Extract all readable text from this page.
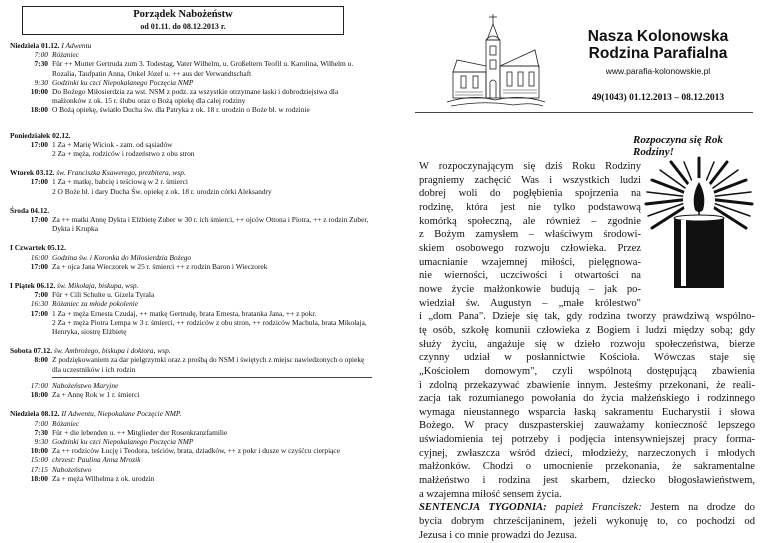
Porządek Nabożeństw
od 01.11. do 08.12.2013 r.
Niedziela 01.12. I Adwentu
7:00 Różaniec
7:30 Für ++ Mutter Gertruda zum 3. Todestag, Vater Wilhelm, u. Großeltern Teofil u. Karolina, Wilhelm u. Rozalia, Taufpatin Anna, Onkel Józef u. ++ aus der Verwandtschaft
9:30 Godzinki ku czci Niepokalanego Poczęcia NMP
10:00 Do Bożego Miłosierdzia za wst. NSM z podz. za wszystkie otrzymane łaski i dobrodziejstwa dla małżonków z ok. 15 r. ślubu oraz o Bożą opiekę dla całej rodziny
18:00 O Bożą opiekę, światło Ducha św. dla Patryka z ok. 18 r. urodzin o Boże bł. w rodzinie
Poniedziałek 02.12.
17:00 1 Za + Marię Wiciok - zam. od sąsiadów
2 Za + męża, rodziców i rodzeństwo z obu stron
Wtorek 03.12. św. Franciszka Ksawerego, prezbitera, wsp.
17:00 1 Za + matkę, babcię i teściową w 2 r. śmierci
2 O Boże bł. i dary Ducha Św. opiekę z ok. 18 r. urodzin córki Aleksandry
Środa 04.12.
17:00 Za ++ matki Annę Dykta i Elżbietę Zuber w 30 r. ich śmierci, ++ ojców Ottona i Piotra, ++ z rodzin Zuber, Dykta i Krupka
I Czwartek 05.12.
16:00 Godzina św. i Koronka do Miłosierdzia Bożego
17:00 Za + ojca Jana Wieczorek w 25 r. śmierci ++ z rodzin Baron i Wieczorek
I Piątek 06.12. św. Mikołaja, biskupa, wsp.
7:00 Für + Cili Schulte u. Gizela Tyrala
16:30 Różaniec za młode pokolenie
17:00 1 Za + męża Ernesta Czudaj, ++ matkę Gertrudę, brata Ernesta, bratanka Jana, ++ z pokr.
2 Za + męża Piotra Lempa w 3 r. śmierci, ++ rodziców z obu stron, ++ rodziców Machula, brata Mikołaja, Henryka, siostrę Elżbietę
Sobota 07.12. św. Ambrożego, biskupa i doktora, wsp.
8:00 Z podziękowaniem za dar pielgrzymki oraz z prośbą do NSM i świętych z miejsc nawiedzonych o opiekę dla uczestników i ich rodzin
17:00 Nabożeństwo Maryjne
18:00 Za + Annę Rok w 1 r. śmierci
Niedziela 08.12. II Adwentu, Niepokalane Poczęcie NMP.
7:00 Różaniec
7:30 Für + die lebenden u. ++ Mitglieder der Rosenkranzfamilie
9:30 Godzinki ku czci Niepokalanego Poczęcia NMP
10:00 Za ++ rodziców Łucję i Teodora, teściów, brata, dziadków, ++ z pokr i dusze w czyśćcu cierpiące
15:00 chrzest: Paulina Anna Mrozik
17:15 Nabożeństwo
18:00 Za + męża Wilhelma z ok. urodzin
Nasza Kolonowska
Rodzina Parafialna
www.parafia-kolonowskie.pl
49(1043) 01.12.2013 – 08.12.2013
Rozpoczyna się Rok Rodziny!
W rozpoczynającym się dziś Roku Rodziny
pragniemy zachęcić Was i wszystkich ludzi
dobrej woli do pogłębienia spojrzenia na
rodzinę, która jest nie tylko podstawową
komórką społeczną, ale również – zgodnie
z Bożym zamysłem – właściwym środowi-
skiem osobowego rozwoju człowieka. Przez
umacnianie wzajemnej miłości, pielęgnowa-
nie wierności, uczciwości i otwartości na
nowe życie małżonkowie budują – jak po-
wiedział św. Augustyn – „małe królestwo"
i „dom Pana". Dzieje się tak, gdy rodzina tworzy prawdziwą wspólno-
tę osób, szkołę komunii człowieka z Bogiem i ludzi między sobą; gdy
służy życiu, angażuje się w dzieło rozwoju społeczeństwa, bierze
czynny udział w posłannictwie Kościoła. Wówczas staje się
„Kościołem domowym", czyli wspólnotą dostępującą zbawienia
i zdolną przekazywać zbawienie innym. Jesteśmy przekonani, że reali-
zacja tak rozumianego powołania do życia małżeńskiego i rodzinnego
wymaga nieustannego wsparcia łaską sakramentu Eucharystii i słowa
Bożego. W pracy duszpasterskiej zauważamy konieczność lepszego
uświadomienia tej potrzeby i podjęcia intensywniejszej pracy forma-
cyjnej, zwłaszcza wśród dzieci, młodzieży, narzeczonych i młodych
małżonków. Chodzi o umocnienie przekonania, że sakramentalne
małżeństwo i rodzina jest skarbem, dziecko błogosławieństwem,
a wzajemna miłość sensem życia.
SENTENCJA TYGODNIA: papież Franciszek: Jestem na drodze do
bycia dobrym chrześcijaninem, jeżeli wykonuję to, co pochodzi od
Jezusa i co mnie prowadzi do Jezusa.
